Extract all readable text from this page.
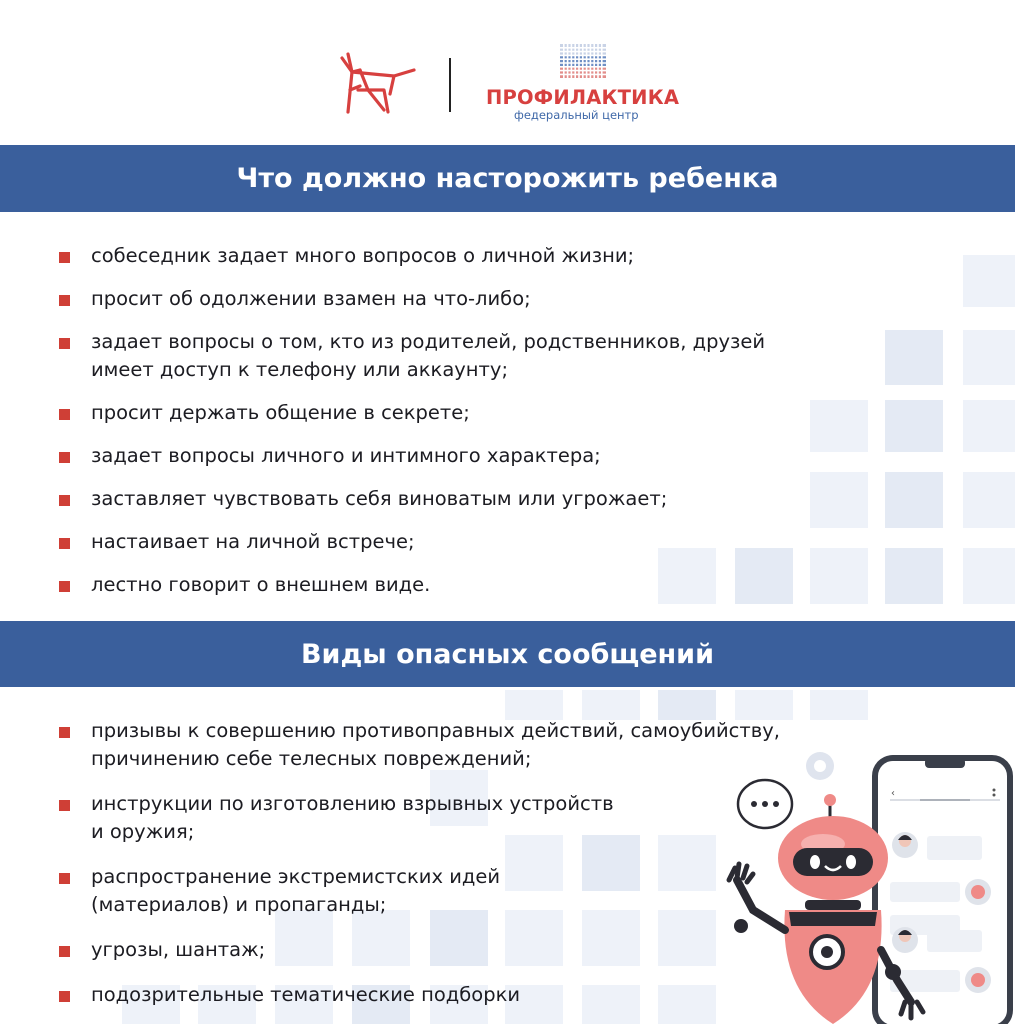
ПРОФИЛАКТИКА
федеральный центр
Что должно насторожить ребенка
собеседник задает много вопросов о личной жизни;
просит об одолжении взамен на что-либо;
задает вопросы о том, кто из родителей, родственников, друзей
имеет доступ к телефону или аккаунту;
просит держать общение в секрете;
задает вопросы личного и интимного характера;
заставляет чувствовать себя виноватым или угрожает;
настаивает на личной встрече;
лестно говорит о внешнем виде.
Виды опасных сообщений
призывы к совершению противоправных действий, самоубийству,
причинению себе телесных повреждений;
инструкции по изготовлению взрывных устройств
и оружия;
распространение экстремистских идей
(материалов) и пропаганды;
угрозы, шантаж;
подозрительные тематические подборки
‹
